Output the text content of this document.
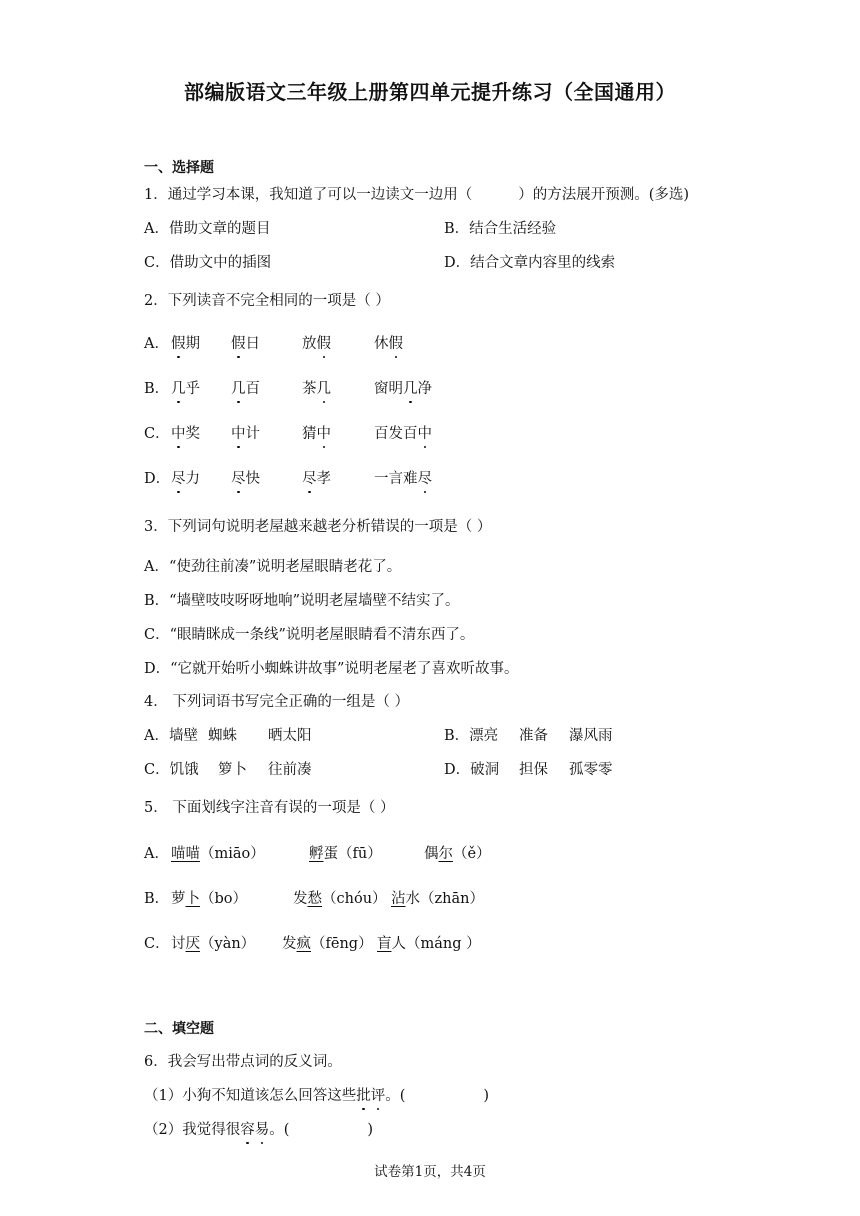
部编版语文三年级上册第四单元提升练习（全国通用）
一、选择题
1．通过学习本课，我知道了可以一边读文一边用（	）的方法展开预测。(多选)
A．借助文章的题目	B．结合生活经验
C．借助文中的插图	D．结合文章内容里的线索
2．下列读音不完全相同的一项是（ ）
A． 假期 假日	放假	休假
B． 几乎 几百	茶几	窗明几净
C． 中奖 中计	猜中	百发百中
D． 尽力 尽快	尽孝	一言难尽
3．下列词句说明老屋越来越老分析错误的一项是（ ）
A．“使劲往前凑”说明老屋眼睛老花了。
B．“墙壁吱吱呀呀地响”说明老屋墙壁不结实了。
C．“眼睛眯成一条线”说明老屋眼睛看不清东西了。
D．“它就开始听小蜘蛛讲故事”说明老屋老了喜欢听故事。
4． 下列词语书写完全正确的一组是（ ）
A．墙壁 蜘蛛 晒太阳	B．漂亮 准备 瀑风雨
C．饥饿 箩卜 往前凑	D．破洞 担保 孤零零
5． 下面划线字注音有误的一项是（ ）
A． 喵喵（miāo）	孵蛋（fū）	偶尔（ě）
B． 萝卜（bo）	发愁（chóu） 沾水（zhān）
C． 讨厌（yàn） 发疯（fēng） 盲人（máng ）
二、填空题
6．我会写出带点词的反义词。
（1）小狗不知道该怎么回答这些批评。(	)
（2）我觉得很容易。(	)
试卷第1页，共4页
